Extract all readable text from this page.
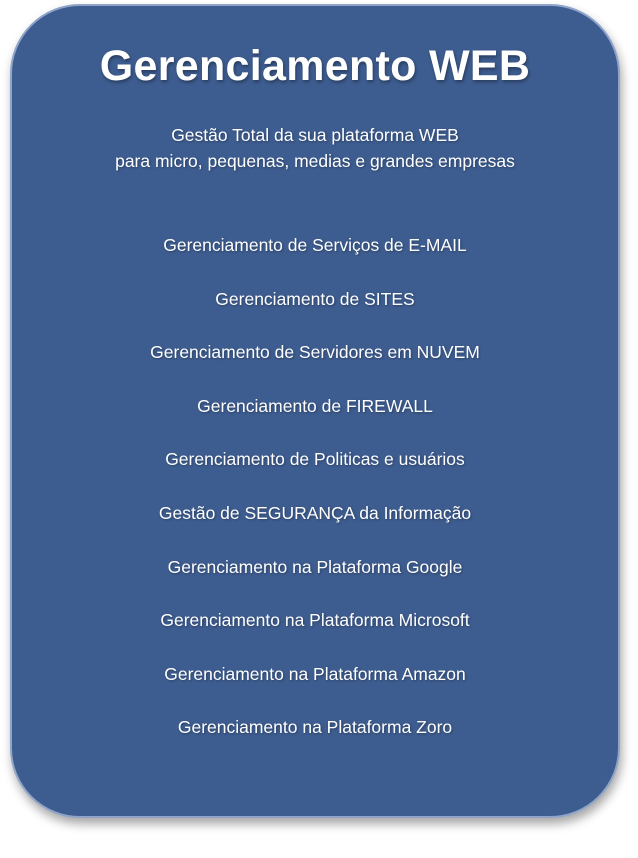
Gerenciamento WEB
Gestão Total da sua plataforma WEB
para micro, pequenas, medias e grandes empresas
Gerenciamento de Serviços de E-MAIL
Gerenciamento de SITES
Gerenciamento de Servidores em NUVEM
Gerenciamento de FIREWALL
Gerenciamento de Politicas e usuários
Gestão de SEGURANÇA da Informação
Gerenciamento na Plataforma Google
Gerenciamento na Plataforma Microsoft
Gerenciamento na Plataforma Amazon
Gerenciamento na Plataforma Zoro
